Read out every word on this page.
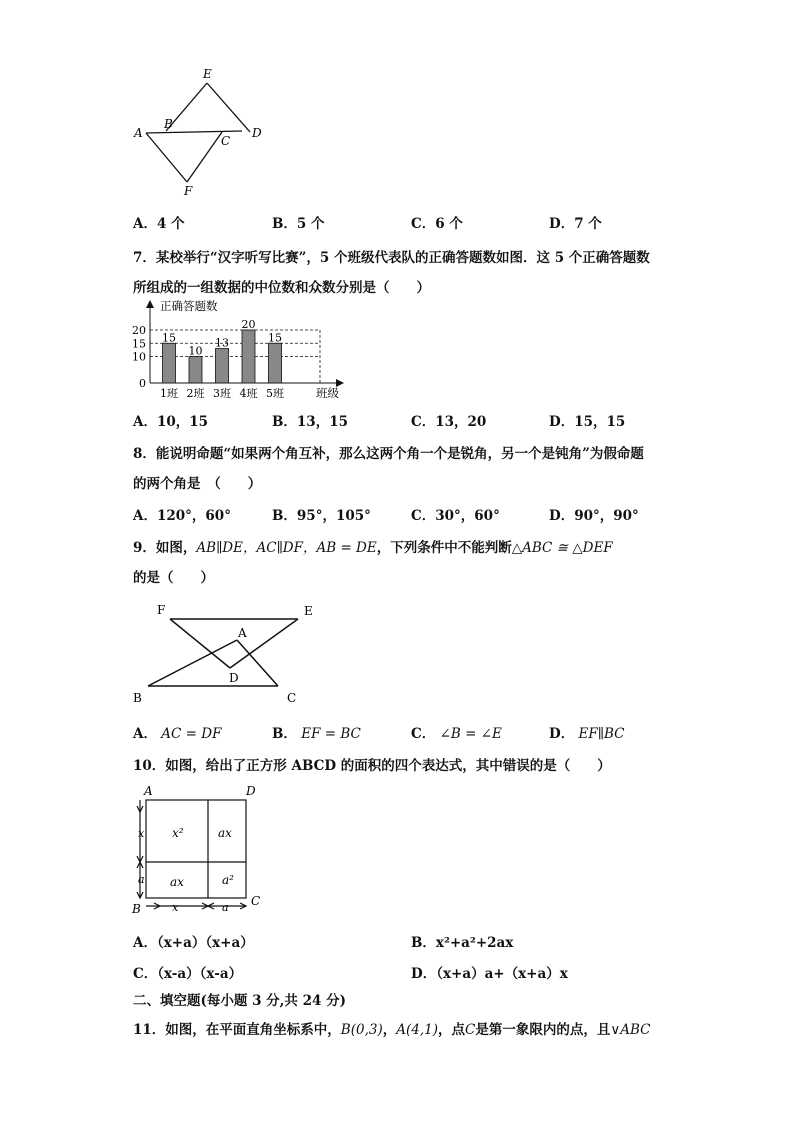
E
A
B
C
D
F
A．4 个	B．5 个	C．6 个	D．7 个
7．某校举行“汉字听写比赛”，5 个班级代表队的正确答题数如图．这 5 个正确答题数
所组成的一组数据的中位数和众数分别是（　　）
15
10
13
20
15
0
10
15
20
1班 2班 3班 4班 5班
正确答题数
班级
A．10，15	B．13，15	C．13，20	D．15，15
8．能说明命题“如果两个角互补，那么这两个角一个是锐角，另一个是钝角”为假命题
的两个角是　（　　）
A．120°，60°	B．95°，105°	C．30°，60°	D．90°，90°
9．如图，AB∥DE，AC∥DF，AB = DE，下列条件中不能判断△ABC ≅ △DEF
的是（　　）
F	E
A
D
B	C
A． AC = DF	B． EF = BC	C． ∠B = ∠E	D． EF∥BC
10．如图，给出了正方形 ABCD 的面积的四个表达式，其中错误的是（　　）
A	D
B
C
x
a
x	a
x²	ax
ax	a²
A．（x+a）（x+a）	B．x²+a²+2ax
C．（x-a）（x-a）	D．（x+a）a+（x+a）x
二、填空题(每小题 3 分,共 24 分)
11．如图，在平面直角坐标系中，B(0,3)，A(4,1)，点C是第一象限内的点，且∨ABC
